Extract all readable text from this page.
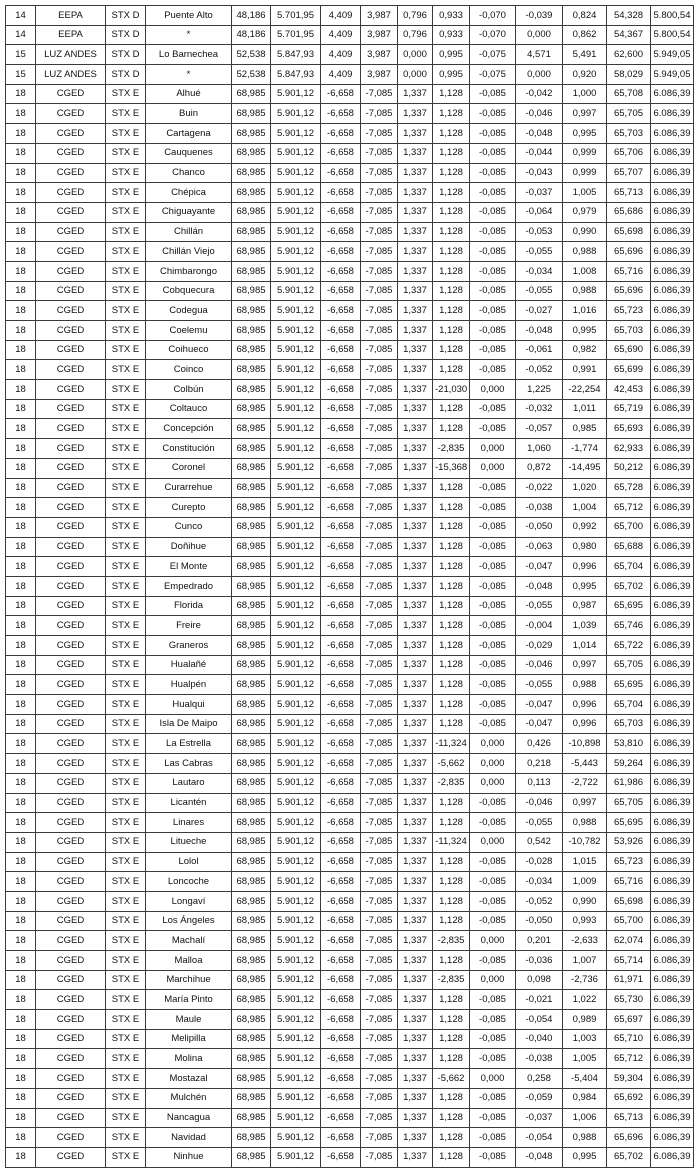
14	EEPA	STX D	Puente Alto	48,186	5.701,95	4,409	3,987	0,796	0,933	-0,070	-0,039	0,824	54,328	5.800,54
14	EEPA	STX D	*	48,186	5.701,95	4,409	3,987	0,796	0,933	-0,070	0,000	0,862	54,367	5.800,54
15	LUZ ANDES	STX D	Lo Barnechea	52,538	5.847,93	4,409	3,987	0,000	0,995	-0,075	4,571	5,491	62,600	5.949,05
15	LUZ ANDES	STX D	*	52,538	5.847,93	4,409	3,987	0,000	0,995	-0,075	0,000	0,920	58,029	5.949,05
18	CGED	STX E	Alhué	68,985	5.901,12	-6,658	-7,085	1,337	1,128	-0,085	-0,042	1,000	65,708	6.086,39
18	CGED	STX E	Buin	68,985	5.901,12	-6,658	-7,085	1,337	1,128	-0,085	-0,046	0,997	65,705	6.086,39
18	CGED	STX E	Cartagena	68,985	5.901,12	-6,658	-7,085	1,337	1,128	-0,085	-0,048	0,995	65,703	6.086,39
18	CGED	STX E	Cauquenes	68,985	5.901,12	-6,658	-7,085	1,337	1,128	-0,085	-0,044	0,999	65,706	6.086,39
18	CGED	STX E	Chanco	68,985	5.901,12	-6,658	-7,085	1,337	1,128	-0,085	-0,043	0,999	65,707	6.086,39
18	CGED	STX E	Chépica	68,985	5.901,12	-6,658	-7,085	1,337	1,128	-0,085	-0,037	1,005	65,713	6.086,39
18	CGED	STX E	Chiguayante	68,985	5.901,12	-6,658	-7,085	1,337	1,128	-0,085	-0,064	0,979	65,686	6.086,39
18	CGED	STX E	Chillán	68,985	5.901,12	-6,658	-7,085	1,337	1,128	-0,085	-0,053	0,990	65,698	6.086,39
18	CGED	STX E	Chillán Viejo	68,985	5.901,12	-6,658	-7,085	1,337	1,128	-0,085	-0,055	0,988	65,696	6.086,39
18	CGED	STX E	Chimbarongo	68,985	5.901,12	-6,658	-7,085	1,337	1,128	-0,085	-0,034	1,008	65,716	6.086,39
18	CGED	STX E	Cobquecura	68,985	5.901,12	-6,658	-7,085	1,337	1,128	-0,085	-0,055	0,988	65,696	6.086,39
18	CGED	STX E	Codegua	68,985	5.901,12	-6,658	-7,085	1,337	1,128	-0,085	-0,027	1,016	65,723	6.086,39
18	CGED	STX E	Coelemu	68,985	5.901,12	-6,658	-7,085	1,337	1,128	-0,085	-0,048	0,995	65,703	6.086,39
18	CGED	STX E	Coihueco	68,985	5.901,12	-6,658	-7,085	1,337	1,128	-0,085	-0,061	0,982	65,690	6.086,39
18	CGED	STX E	Coinco	68,985	5.901,12	-6,658	-7,085	1,337	1,128	-0,085	-0,052	0,991	65,699	6.086,39
18	CGED	STX E	Colbún	68,985	5.901,12	-6,658	-7,085	1,337	-21,030	0,000	1,225	-22,254	42,453	6.086,39
18	CGED	STX E	Coltauco	68,985	5.901,12	-6,658	-7,085	1,337	1,128	-0,085	-0,032	1,011	65,719	6.086,39
18	CGED	STX E	Concepción	68,985	5.901,12	-6,658	-7,085	1,337	1,128	-0,085	-0,057	0,985	65,693	6.086,39
18	CGED	STX E	Constitución	68,985	5.901,12	-6,658	-7,085	1,337	-2,835	0,000	1,060	-1,774	62,933	6.086,39
18	CGED	STX E	Coronel	68,985	5.901,12	-6,658	-7,085	1,337	-15,368	0,000	0,872	-14,495	50,212	6.086,39
18	CGED	STX E	Curarrehue	68,985	5.901,12	-6,658	-7,085	1,337	1,128	-0,085	-0,022	1,020	65,728	6.086,39
18	CGED	STX E	Curepto	68,985	5.901,12	-6,658	-7,085	1,337	1,128	-0,085	-0,038	1,004	65,712	6.086,39
18	CGED	STX E	Cunco	68,985	5.901,12	-6,658	-7,085	1,337	1,128	-0,085	-0,050	0,992	65,700	6.086,39
18	CGED	STX E	Doñihue	68,985	5.901,12	-6,658	-7,085	1,337	1,128	-0,085	-0,063	0,980	65,688	6.086,39
18	CGED	STX E	El Monte	68,985	5.901,12	-6,658	-7,085	1,337	1,128	-0,085	-0,047	0,996	65,704	6.086,39
18	CGED	STX E	Empedrado	68,985	5.901,12	-6,658	-7,085	1,337	1,128	-0,085	-0,048	0,995	65,702	6.086,39
18	CGED	STX E	Florida	68,985	5.901,12	-6,658	-7,085	1,337	1,128	-0,085	-0,055	0,987	65,695	6.086,39
18	CGED	STX E	Freire	68,985	5.901,12	-6,658	-7,085	1,337	1,128	-0,085	-0,004	1,039	65,746	6.086,39
18	CGED	STX E	Graneros	68,985	5.901,12	-6,658	-7,085	1,337	1,128	-0,085	-0,029	1,014	65,722	6.086,39
18	CGED	STX E	Hualañé	68,985	5.901,12	-6,658	-7,085	1,337	1,128	-0,085	-0,046	0,997	65,705	6.086,39
18	CGED	STX E	Hualpén	68,985	5.901,12	-6,658	-7,085	1,337	1,128	-0,085	-0,055	0,988	65,695	6.086,39
18	CGED	STX E	Hualqui	68,985	5.901,12	-6,658	-7,085	1,337	1,128	-0,085	-0,047	0,996	65,704	6.086,39
18	CGED	STX E	Isla De Maipo	68,985	5.901,12	-6,658	-7,085	1,337	1,128	-0,085	-0,047	0,996	65,703	6.086,39
18	CGED	STX E	La Estrella	68,985	5.901,12	-6,658	-7,085	1,337	-11,324	0,000	0,426	-10,898	53,810	6.086,39
18	CGED	STX E	Las Cabras	68,985	5.901,12	-6,658	-7,085	1,337	-5,662	0,000	0,218	-5,443	59,264	6.086,39
18	CGED	STX E	Lautaro	68,985	5.901,12	-6,658	-7,085	1,337	-2,835	0,000	0,113	-2,722	61,986	6.086,39
18	CGED	STX E	Licantén	68,985	5.901,12	-6,658	-7,085	1,337	1,128	-0,085	-0,046	0,997	65,705	6.086,39
18	CGED	STX E	Linares	68,985	5.901,12	-6,658	-7,085	1,337	1,128	-0,085	-0,055	0,988	65,695	6.086,39
18	CGED	STX E	Litueche	68,985	5.901,12	-6,658	-7,085	1,337	-11,324	0,000	0,542	-10,782	53,926	6.086,39
18	CGED	STX E	Lolol	68,985	5.901,12	-6,658	-7,085	1,337	1,128	-0,085	-0,028	1,015	65,723	6.086,39
18	CGED	STX E	Loncoche	68,985	5.901,12	-6,658	-7,085	1,337	1,128	-0,085	-0,034	1,009	65,716	6.086,39
18	CGED	STX E	Longaví	68,985	5.901,12	-6,658	-7,085	1,337	1,128	-0,085	-0,052	0,990	65,698	6.086,39
18	CGED	STX E	Los Ángeles	68,985	5.901,12	-6,658	-7,085	1,337	1,128	-0,085	-0,050	0,993	65,700	6.086,39
18	CGED	STX E	Machalí	68,985	5.901,12	-6,658	-7,085	1,337	-2,835	0,000	0,201	-2,633	62,074	6.086,39
18	CGED	STX E	Malloa	68,985	5.901,12	-6,658	-7,085	1,337	1,128	-0,085	-0,036	1,007	65,714	6.086,39
18	CGED	STX E	Marchihue	68,985	5.901,12	-6,658	-7,085	1,337	-2,835	0,000	0,098	-2,736	61,971	6.086,39
18	CGED	STX E	María Pinto	68,985	5.901,12	-6,658	-7,085	1,337	1,128	-0,085	-0,021	1,022	65,730	6.086,39
18	CGED	STX E	Maule	68,985	5.901,12	-6,658	-7,085	1,337	1,128	-0,085	-0,054	0,989	65,697	6.086,39
18	CGED	STX E	Melipilla	68,985	5.901,12	-6,658	-7,085	1,337	1,128	-0,085	-0,040	1,003	65,710	6.086,39
18	CGED	STX E	Molina	68,985	5.901,12	-6,658	-7,085	1,337	1,128	-0,085	-0,038	1,005	65,712	6.086,39
18	CGED	STX E	Mostazal	68,985	5.901,12	-6,658	-7,085	1,337	-5,662	0,000	0,258	-5,404	59,304	6.086,39
18	CGED	STX E	Mulchén	68,985	5.901,12	-6,658	-7,085	1,337	1,128	-0,085	-0,059	0,984	65,692	6.086,39
18	CGED	STX E	Nancagua	68,985	5.901,12	-6,658	-7,085	1,337	1,128	-0,085	-0,037	1,006	65,713	6.086,39
18	CGED	STX E	Navidad	68,985	5.901,12	-6,658	-7,085	1,337	1,128	-0,085	-0,054	0,988	65,696	6.086,39
18	CGED	STX E	Ninhue	68,985	5.901,12	-6,658	-7,085	1,337	1,128	-0,085	-0,048	0,995	65,702	6.086,39
